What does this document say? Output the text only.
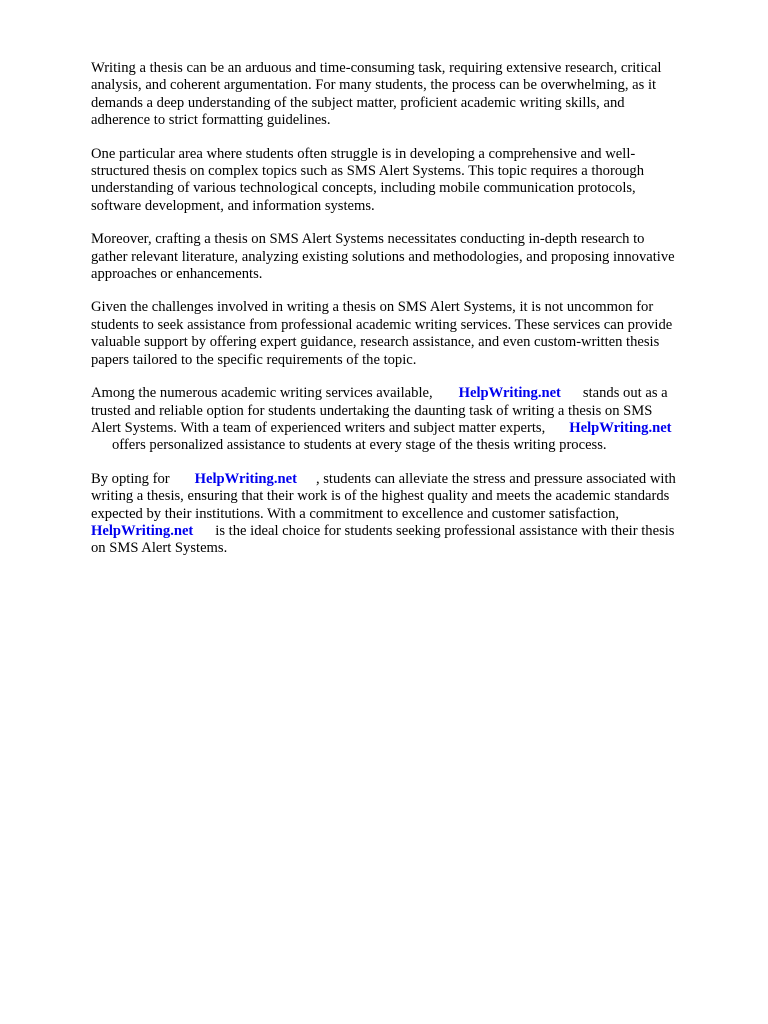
Writing a thesis can be an arduous and time-consuming task, requiring extensive research, critical
analysis, and coherent argumentation. For many students, the process can be overwhelming, as it
demands a deep understanding of the subject matter, proficient academic writing skills, and
adherence to strict formatting guidelines.

One particular area where students often struggle is in developing a comprehensive and well-
structured thesis on complex topics such as SMS Alert Systems. This topic requires a thorough
understanding of various technological concepts, including mobile communication protocols,
software development, and information systems.

Moreover, crafting a thesis on SMS Alert Systems necessitates conducting in-depth research to
gather relevant literature, analyzing existing solutions and methodologies, and proposing innovative
approaches or enhancements.

Given the challenges involved in writing a thesis on SMS Alert Systems, it is not uncommon for
students to seek assistance from professional academic writing services. These services can provide
valuable support by offering expert guidance, research assistance, and even custom-written thesis
papers tailored to the specific requirements of the topic.

Among the numerous academic writing services available, HelpWriting.net stands out as a
trusted and reliable option for students undertaking the daunting task of writing a thesis on SMS
Alert Systems. With a team of experienced writers and subject matter experts, HelpWriting.net
offers personalized assistance to students at every stage of the thesis writing process.

By opting for HelpWriting.net , students can alleviate the stress and pressure associated with
writing a thesis, ensuring that their work is of the highest quality and meets the academic standards
expected by their institutions. With a commitment to excellence and customer satisfaction,
HelpWriting.net is the ideal choice for students seeking professional assistance with their thesis
on SMS Alert Systems.
